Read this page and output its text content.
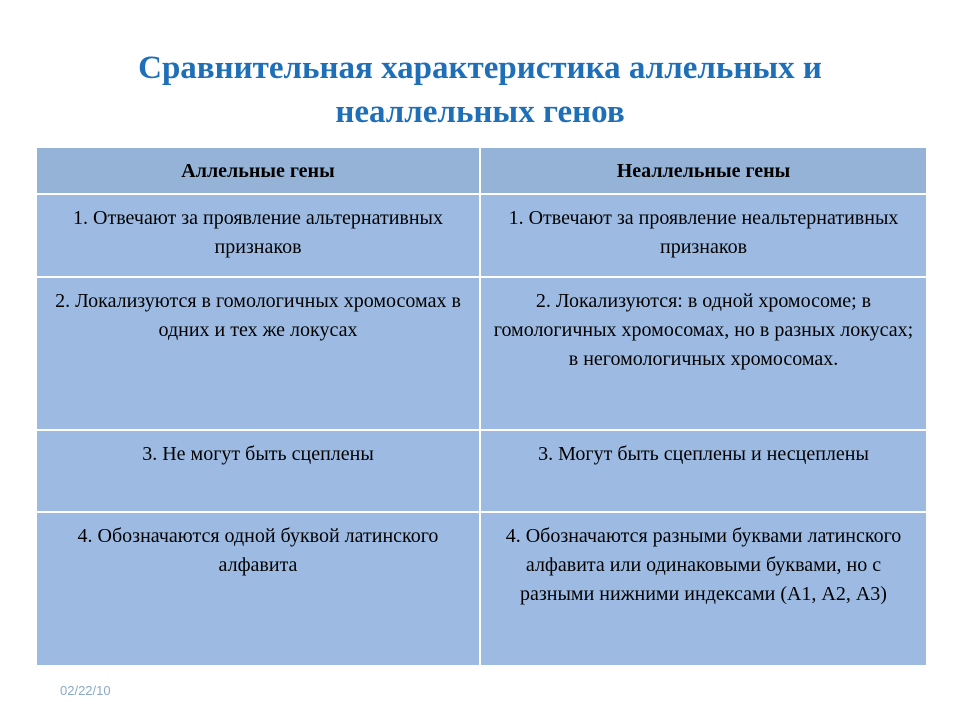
Сравнительная характеристика аллельных и неаллельных генов
Аллельные гены	Неаллельные гены
1. Отвечают за проявление альтернативных признаков	1. Отвечают за проявление неальтернативных признаков
2. Локализуются в гомологичных хромосомах в одних и тех же локусах	2. Локализуются: в одной хромосоме; в гомологичных хромосомах, но в разных локусах; в негомологичных хромосомах.
3. Не могут быть сцеплены	3. Могут быть сцеплены и несцеплены
4. Обозначаются одной буквой латинского алфавита	4. Обозначаются разными буквами латинского алфавита или одинаковыми буквами, но с разными нижними индексами (А1, А2, А3)
02/22/10
